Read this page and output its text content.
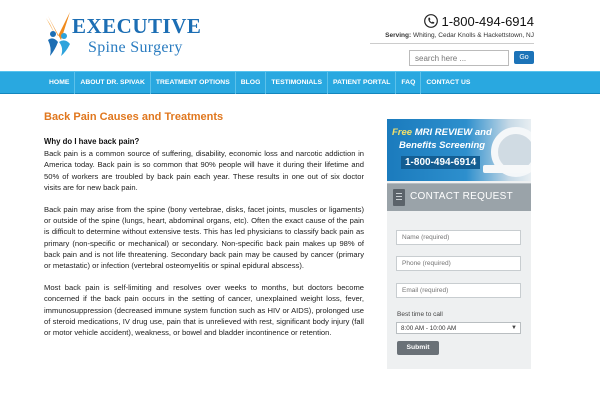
EXECUTIVE
Spine Surgery
1-800-494-6914
Serving: Whiting, Cedar Knolls & Hackettstown, NJ
search here ...
Go
HOME	ABOUT DR. SPIVAK	TREATMENT OPTIONS	BLOG	TESTIMONIALS	PATIENT PORTAL	FAQ	CONTACT US
Back Pain Causes and Treatments
Why do I have back pain?

Back pain is a common source of suffering, disability, economic loss and narcotic addiction in America today. Back pain is so common that 90% people will have it during their lifetime and 50% of workers are troubled by back pain each year. These results in one out of six doctor visits are for new back pain.

Back pain may arise from the spine (bony vertebrae, disks, facet joints, muscles or ligaments) or outside of the spine (lungs, heart, abdominal organs, etc). Often the exact cause of the pain is difficult to determine without extensive tests. This has led physicians to classify back pain as primary (non-specific or mechanical) or secondary. Non-specific back pain makes up 98% of back pain and is not life threatening. Secondary back pain may be caused by cancer (primary or metastatic) or infection (vertebral osteomyelitis or spinal epidural abscess).

Most back pain is self-limiting and resolves over weeks to months, but doctors become concerned if the back pain occurs in the setting of cancer, unexplained weight loss, fever, immunosuppression (decreased immune system function such as HIV or AIDS), prolonged use of steroid medications, IV drug use, pain that is unrelieved with rest, significant body injury (fall or motor vehicle accident), weakness, or bowel and bladder incontinence or retention.

Free MRI REVIEW and
Benefits Screening
1-800-494-6914
CONTACT REQUEST
Name (required)
Phone (required)
Email (required)
Best time to call
8:00 AM - 10:00 AM	▼
Submit
